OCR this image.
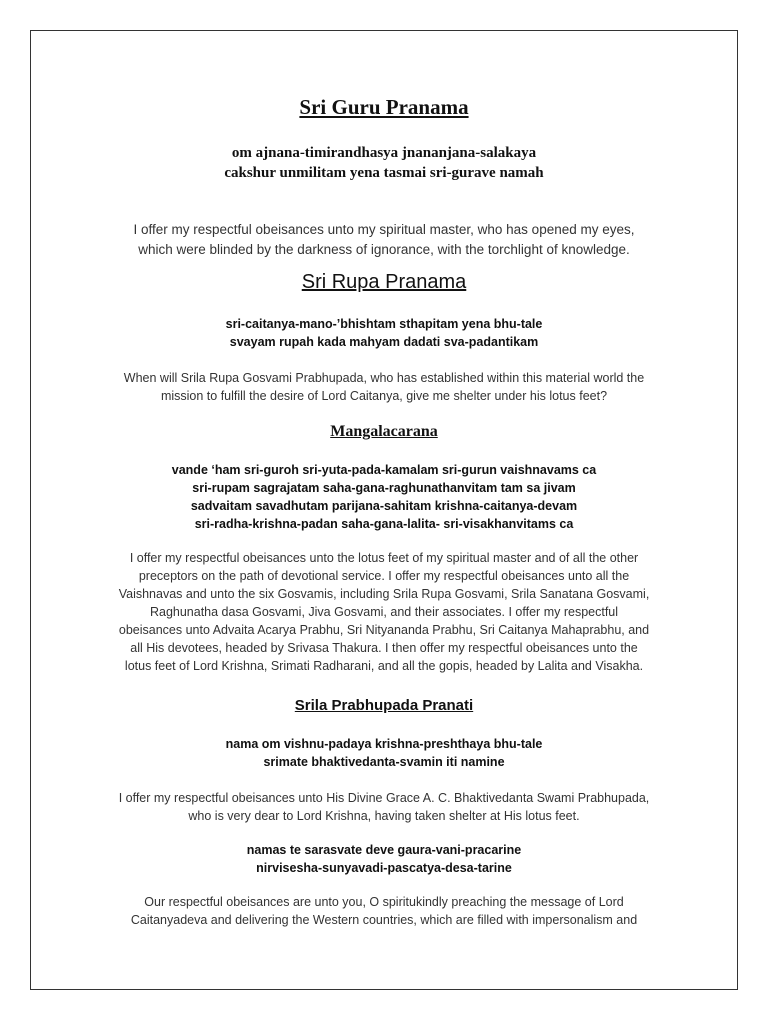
Sri Guru Pranama
om ajnana-timirandhasya jnananjana-salakaya
cakshur unmilitam yena tasmai sri-gurave namah
I offer my respectful obeisances unto my spiritual master, who has opened my eyes,
which were blinded by the darkness of ignorance, with the torchlight of knowledge.
Sri Rupa Pranama
sri-caitanya-mano-’bhishtam sthapitam yena bhu-tale
svayam rupah kada mahyam dadati sva-padantikam
When will Srila Rupa Gosvami Prabhupada, who has established within this material world the
mission to fulfill the desire of Lord Caitanya, give me shelter under his lotus feet?
Mangalacarana
vande ‘ham sri-guroh sri-yuta-pada-kamalam sri-gurun vaishnavams ca
sri-rupam sagrajatam saha-gana-raghunathanvitam tam sa jivam
sadvaitam savadhutam parijana-sahitam krishna-caitanya-devam
sri-radha-krishna-padan saha-gana-lalita- sri-visakhanvitams ca
I offer my respectful obeisances unto the lotus feet of my spiritual master and of all the other
preceptors on the path of devotional service. I offer my respectful obeisances unto all the
Vaishnavas and unto the six Gosvamis, including Srila Rupa Gosvami, Srila Sanatana Gosvami,
Raghunatha dasa Gosvami, Jiva Gosvami, and their associates. I offer my respectful
obeisances unto Advaita Acarya Prabhu, Sri Nityananda Prabhu, Sri Caitanya Mahaprabhu, and
all His devotees, headed by Srivasa Thakura. I then offer my respectful obeisances unto the
lotus feet of Lord Krishna, Srimati Radharani, and all the gopis, headed by Lalita and Visakha.
Srila Prabhupada Pranati
nama om vishnu-padaya krishna-preshthaya bhu-tale
srimate bhaktivedanta-svamin iti namine
I offer my respectful obeisances unto His Divine Grace A. C. Bhaktivedanta Swami Prabhupada,
who is very dear to Lord Krishna, having taken shelter at His lotus feet.
namas te sarasvate deve gaura-vani-pracarine
nirvisesha-sunyavadi-pascatya-desa-tarine
Our respectful obeisances are unto you, O spiritukindly preaching the message of Lord
Caitanyadeva and delivering the Western countries, which are filled with impersonalism and
